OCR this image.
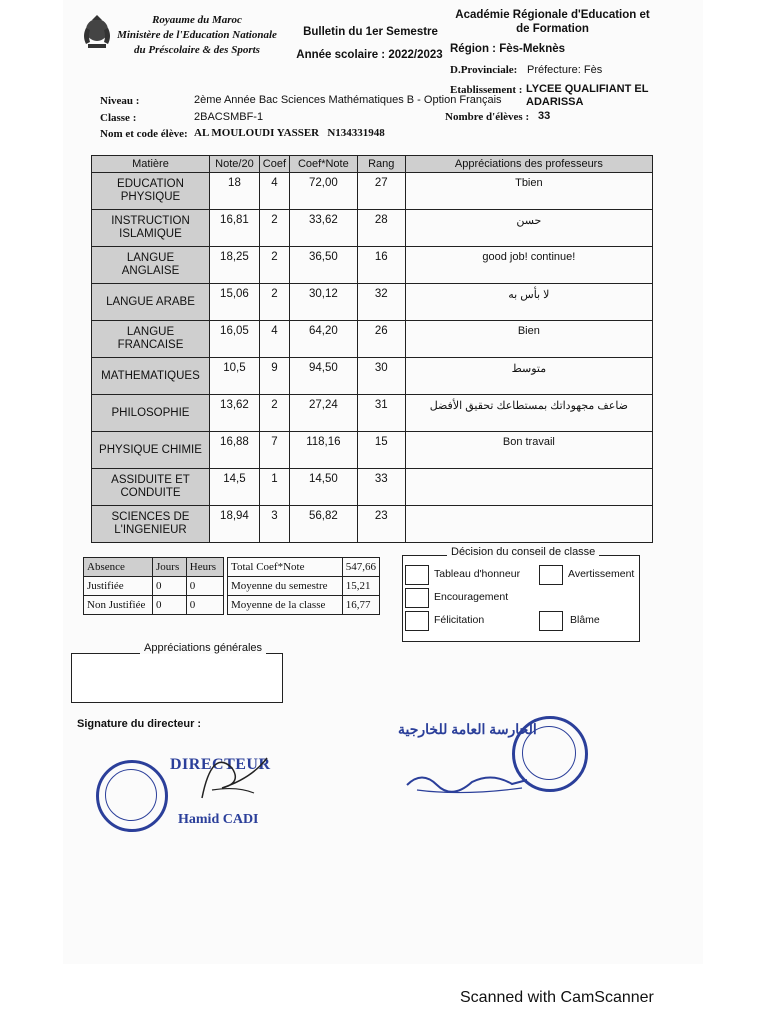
Royaume du Maroc
Ministère de l'Education Nationale
du Préscolaire & des Sports
Bulletin du 1er Semestre
Année scolaire : 2022/2023
Académie Régionale d'Education et
de Formation
Région : Fès-Meknès
D.Provinciale: Préfecture: Fès
Etablissement : LYCEE QUALIFIANT EL
ADARISSA
Niveau :	2ème Année Bac Sciences Mathématiques B - Option Français
Classe :	2BACSMBF-1	Nombre d'élèves : 33
Nom et code élève: AL MOULOUDI YASSER   N134331948
Matière	Note/20	Coef	Coef*Note	Rang	Appréciations des professeurs

EDUCATION
PHYSIQUE	18	4	72,00	27	Tbien

INSTRUCTION
ISLAMIQUE	16,81	2	33,62	28	حسن

LANGUE ANGLAISE	18,25	2	36,50	16	good job! continue!

LANGUE ARABE	15,06	2	30,12	32	لا بأس به

LANGUE
FRANCAISE	16,05	4	64,20	26	Bien

MATHEMATIQUES	10,5	9	94,50	30	متوسط

PHILOSOPHIE	13,62	2	27,24	31	ضاعف مجهوداتك بمستطاعك تحقيق الأفضل

PHYSIQUE CHIMIE	16,88	7	118,16	15	Bon travail

ASSIDUITE ET
CONDUITE	14,5	1	14,50	33	

SCIENCES DE
L'INGENIEUR	18,94	3	56,82	23	
Absence	Jours	Heurs
Justifiée	0	0
Non Justifiée	0	0
Total Coef*Note	547,66
Moyenne du semestre	15,21
Moyenne de la classe	16,77
Décision du conseil de classe
Tableau d'honneur
Encouragement
Félicitation
Avertissement
Blâme
Appréciations générales
Signature du directeur :
DIRECTEUR
Hamid CADI
الحارسة العامة للخارجية
Scanned with CamScanner
